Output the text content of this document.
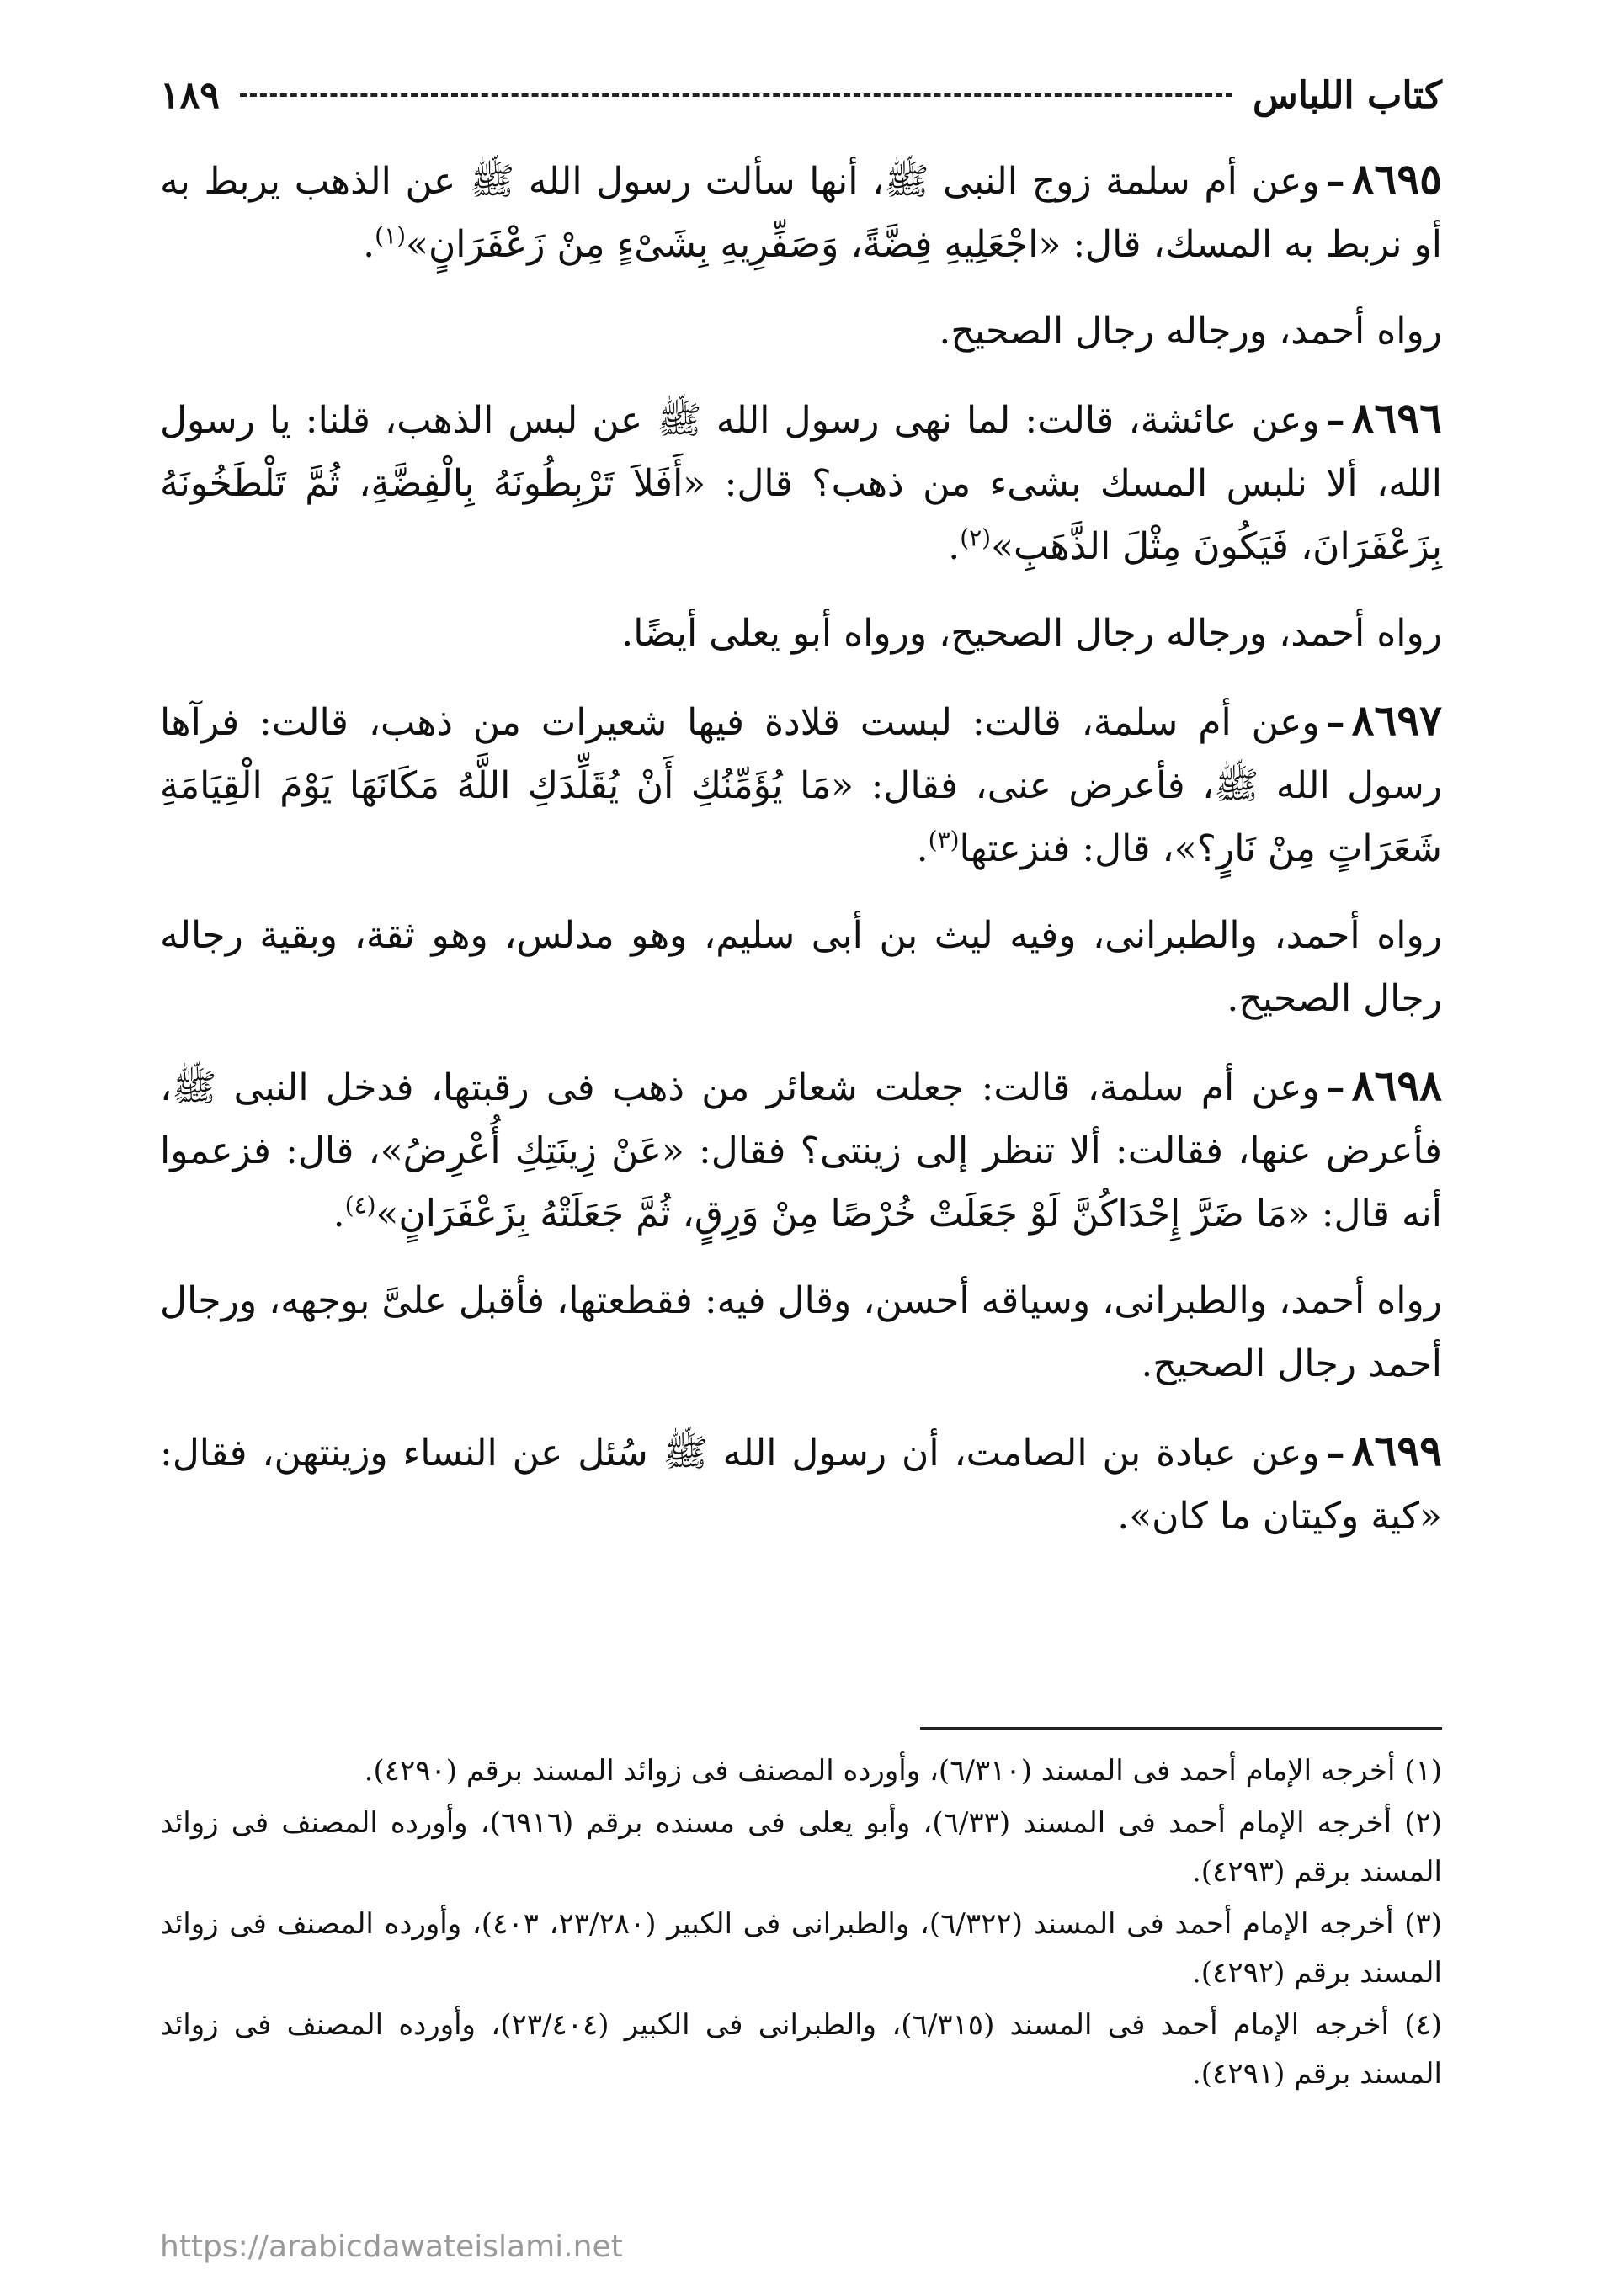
كتاب اللباس
١٨٩

٨٦٩٥–وعن أم سلمة زوج النبى ﷺ، أنها سألت رسول الله ﷺ عن الذهب يربط به أو نربط به المسك، قال: «اجْعَلِيهِ فِضَّةً، وَصَفِّرِيهِ بِشَىْءٍ مِنْ زَعْفَرَانٍ»$^{(١)}$.

رواه أحمد، ورجاله رجال الصحيح.

٨٦٩٦–وعن عائشة، قالت: لما نهى رسول الله ﷺ عن لبس الذهب، قلنا: يا رسول الله، ألا نلبس المسك بشىء من ذهب؟ قال: «أَفَلاَ تَرْبِطُونَهُ بِالْفِضَّةِ، ثُمَّ تَلْطَخُونَهُ بِزَعْفَرَانَ، فَيَكُونَ مِثْلَ الذَّهَبِ»$^{(٢)}$.

رواه أحمد، ورجاله رجال الصحيح، ورواه أبو يعلى أيضًا.

٨٦٩٧–وعن أم سلمة، قالت: لبست قلادة فيها شعيرات من ذهب، قالت: فرآها رسول الله ﷺ، فأعرض عنى، فقال: «مَا يُؤَمِّنُكِ أَنْ يُقَلِّدَكِ اللَّهُ مَكَانَهَا يَوْمَ الْقِيَامَةِ شَعَرَاتٍ مِنْ نَارٍ؟»، قال: فنزعتها$^{(٣)}$.

رواه أحمد، والطبرانى، وفيه ليث بن أبى سليم، وهو مدلس، وهو ثقة، وبقية رجاله رجال الصحيح.

٨٦٩٨–وعن أم سلمة، قالت: جعلت شعائر من ذهب فى رقبتها، فدخل النبى ﷺ، فأعرض عنها، فقالت: ألا تنظر إلى زينتى؟ فقال: «عَنْ زِينَتِكِ أُعْرِضُ»، قال: فزعموا أنه قال: «مَا ضَرَّ إِحْدَاكُنَّ لَوْ جَعَلَتْ خُرْصًا مِنْ وَرِقٍ، ثُمَّ جَعَلَتْهُ بِزَعْفَرَانٍ»$^{(٤)}$.

رواه أحمد، والطبرانى، وسياقه أحسن، وقال فيه: فقطعتها، فأقبل علىَّ بوجهه، ورجال أحمد رجال الصحيح.

٨٦٩٩–وعن عبادة بن الصامت، أن رسول الله ﷺ سُئل عن النساء وزينتهن، فقال: «كية وكيتان ما كان».

(١) أخرجه الإمام أحمد فى المسند (٦/٣١٠)، وأورده المصنف فى زوائد المسند برقم (٤٢٩٠).

(٢) أخرجه الإمام أحمد فى المسند (٦/٣٣)، وأبو يعلى فى مسنده برقم (٦٩١٦)، وأورده المصنف فى زوائد المسند برقم (٤٢٩٣).

(٣) أخرجه الإمام أحمد فى المسند (٦/٣٢٢)، والطبرانى فى الكبير (٢٣/٢٨٠، ٤٠٣)، وأورده المصنف فى زوائد المسند برقم (٤٢٩٢).

(٤) أخرجه الإمام أحمد فى المسند (٦/٣١٥)، والطبرانى فى الكبير (٢٣/٤٠٤)، وأورده المصنف فى زوائد المسند برقم (٤٢٩١).

https://arabicdawateislami.net
